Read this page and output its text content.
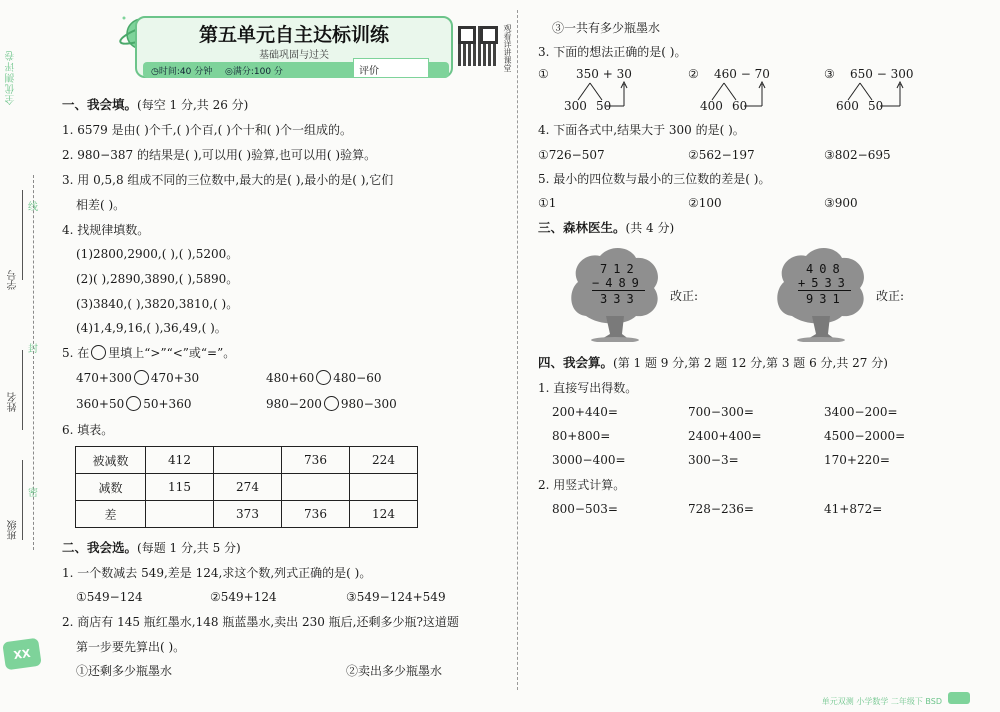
全优测评卷
学号
姓名
班级
线
封
密
ⅩⅩ
第五单元自主达标训练
基础巩固与过关
◷时间:40 分钟 ◎满分:100 分	评价	观看详讲课堂
一、我会填。(每空 1 分,共 26 分)
1. 6579 是由( )个千,( )个百,( )个十和( )个一组成的。
2. 980−387 的结果是( ),可以用( )验算,也可以用( )验算。
3. 用 0,5,8 组成不同的三位数中,最大的是( ),最小的是( ),它们
相差( )。
4. 找规律填数。
(1)2800,2900,( ),( ),5200。
(2)( ),2890,3890,( ),5890。
(3)3840,( ),3820,3810,( )。
(4)1,4,9,16,( ),36,49,( )。
5. 在 里填上“>”“<”或“=”。
470+300 470+30	480+60 480−60
360+50 50+360	980−200 980−300
6. 填表。
被减数	412		736	224
减数	115	274		
差		373	736	124
二、我会选。(每题 1 分,共 5 分)
1. 一个数减去 549,差是 124,求这个数,列式正确的是( )。
①549−124	②549+124	③549−124+549
2. 商店有 145 瓶红墨水,148 瓶蓝墨水,卖出 230 瓶后,还剩多少瓶?这道题
第一步要先算出( )。
①还剩多少瓶墨水	②卖出多少瓶墨水
③一共有多少瓶墨水
3. 下面的想法正确的是( )。
① 350 + 30
300 50
② 460 − 70
400 60
③ 650 − 300
600 50
4. 下面各式中,结果大于 300 的是( )。
①726−507	②562−197	③802−695
5. 最小的四位数与最小的三位数的差是( )。
①1	②100	③900
三、森林医生。(共 4 分)
712
−489
333	改正:
408
+533
931	改正:
四、我会算。(第 1 题 9 分,第 2 题 12 分,第 3 题 6 分,共 27 分)
1. 直接写出得数。
200+440=	700−300=	3400−200=
80+800=	2400+400=	4500−2000=
3000−400=	300−3=	170+220=
2. 用竖式计算。
800−503=	728−236=	41+872=
单元双测 小学数学 二年级下 BSD
